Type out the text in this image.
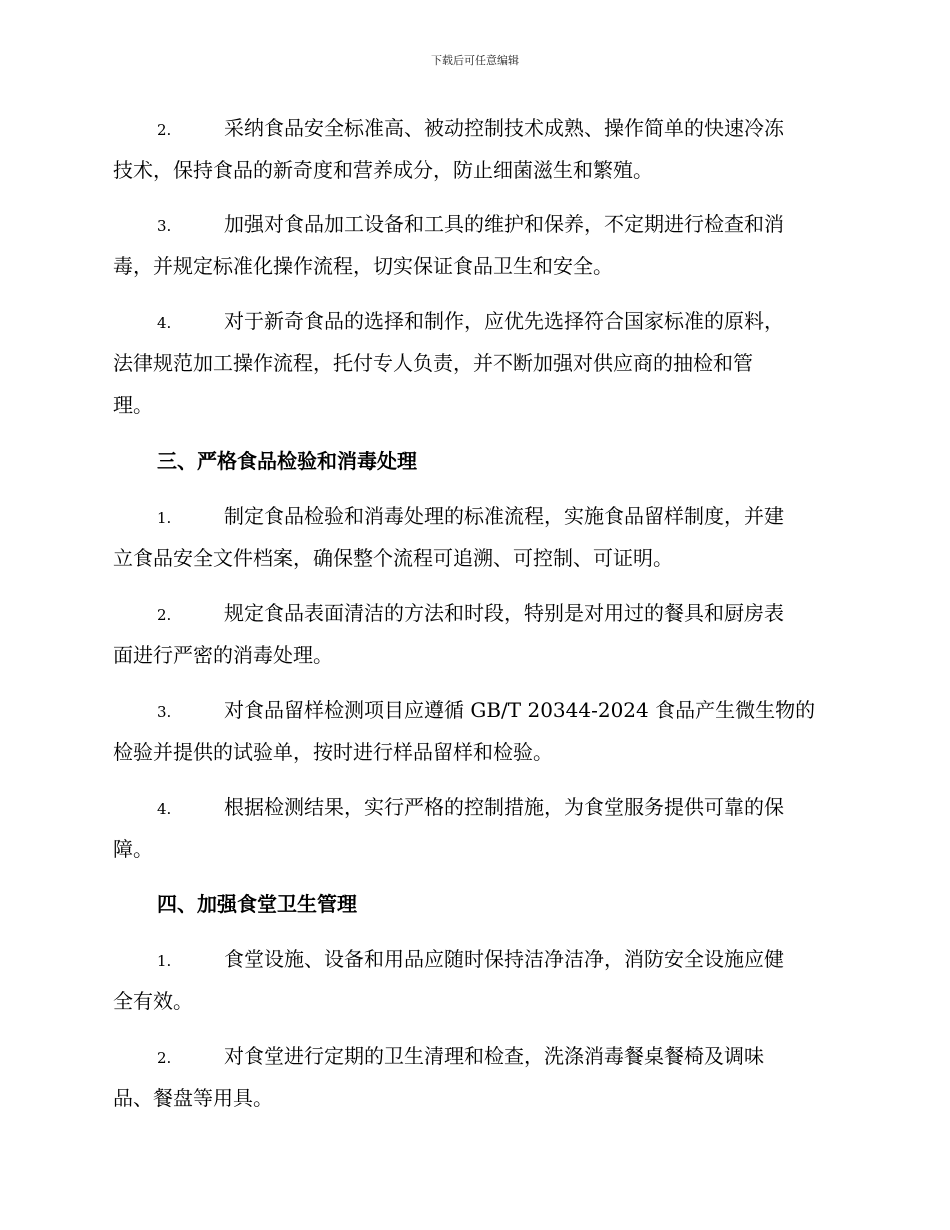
下载后可任意编辑
2.	采纳食品安全标准高、被动控制技术成熟、操作简单的快速冷冻
技术，保持食品的新奇度和营养成分，防止细菌滋生和繁殖。
3.	加强对食品加工设备和工具的维护和保养，不定期进行检查和消
毒，并规定标准化操作流程，切实保证食品卫生和安全。
4.	对于新奇食品的选择和制作，应优先选择符合国家标准的原料，
法律规范加工操作流程，托付专人负责，并不断加强对供应商的抽检和管
理。
三、严格食品检验和消毒处理
1.	制定食品检验和消毒处理的标准流程，实施食品留样制度，并建
立食品安全文件档案，确保整个流程可追溯、可控制、可证明。
2.	规定食品表面清洁的方法和时段，特别是对用过的餐具和厨房表
面进行严密的消毒处理。
3.	对食品留样检测项目应遵循 GB/T 20344-2024 食品产生微生物的
检验并提供的试验单，按时进行样品留样和检验。
4.	根据检测结果，实行严格的控制措施，为食堂服务提供可靠的保
障。
四、加强食堂卫生管理
1.	食堂设施、设备和用品应随时保持洁净洁净，消防安全设施应健
全有效。
2.	对食堂进行定期的卫生清理和检查，洗涤消毒餐桌餐椅及调味
品、餐盘等用具。
